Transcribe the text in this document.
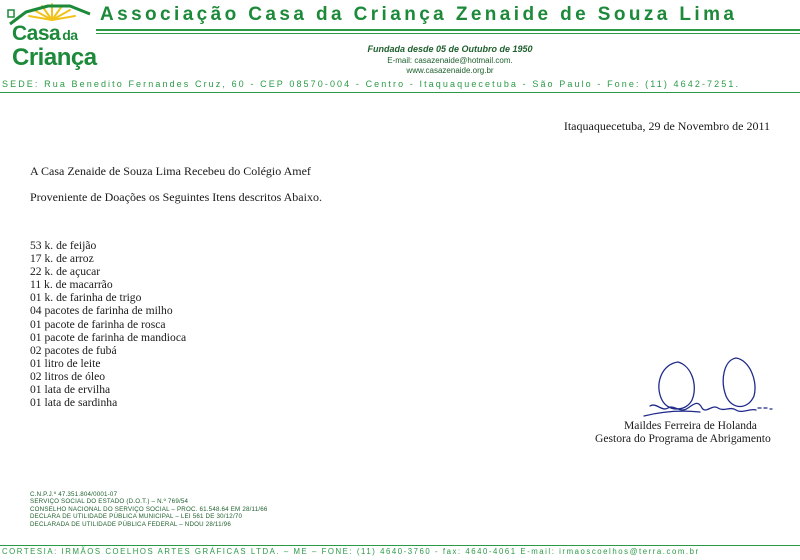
Casa da
Criança
Associação Casa da Criança Zenaide de Souza Lima
Fundada desde 05 de Outubro de 1950
E-mail: casazenaide@hotmail.com.
www.casazenaide.org.br
SEDE: Rua Benedito Fernandes Cruz, 60 - CEP 08570-004 - Centro - Itaquaquecetuba - São Paulo - Fone: (11) 4642-7251.
Itaquaquecetuba, 29 de Novembro de 2011
A Casa Zenaide de Souza Lima Recebeu do Colégio Amef
Proveniente de Doações os Seguintes Itens descritos Abaixo.
53 k. de feijão
17 k. de arroz
22 k. de açucar
11 k. de macarrão
01 k. de farinha de trigo
04 pacotes de farinha de milho
01 pacote de farinha de rosca
01 pacote de farinha de mandioca
02 pacotes de fubá
01 litro de leite
02 litros de óleo
01 lata de ervilha
01 lata de sardinha
Maildes Ferreira de Holanda
Gestora do Programa de Abrigamento
C.N.P.J.º 47.351.804/0001-07
SERVIÇO SOCIAL DO ESTADO (D.O.T.) – N.º 769/54
CONSELHO NACIONAL DO SERVIÇO SOCIAL – PROC. 61.548.64 EM 28/11/66
DECLARA DE UTILIDADE PÚBLICA MUNICIPAL – LEI 561 DE 30/12/70
DECLARADA DE UTILIDADE PÚBLICA FEDERAL – NDOU 28/11/96
CORTESIA: IRMÃOS COELHOS ARTES GRÁFICAS LTDA. – ME – FONE: (11) 4640-3760 - fax: 4640-4061 E-mail: irmaoscoelhos@terra.com.br
